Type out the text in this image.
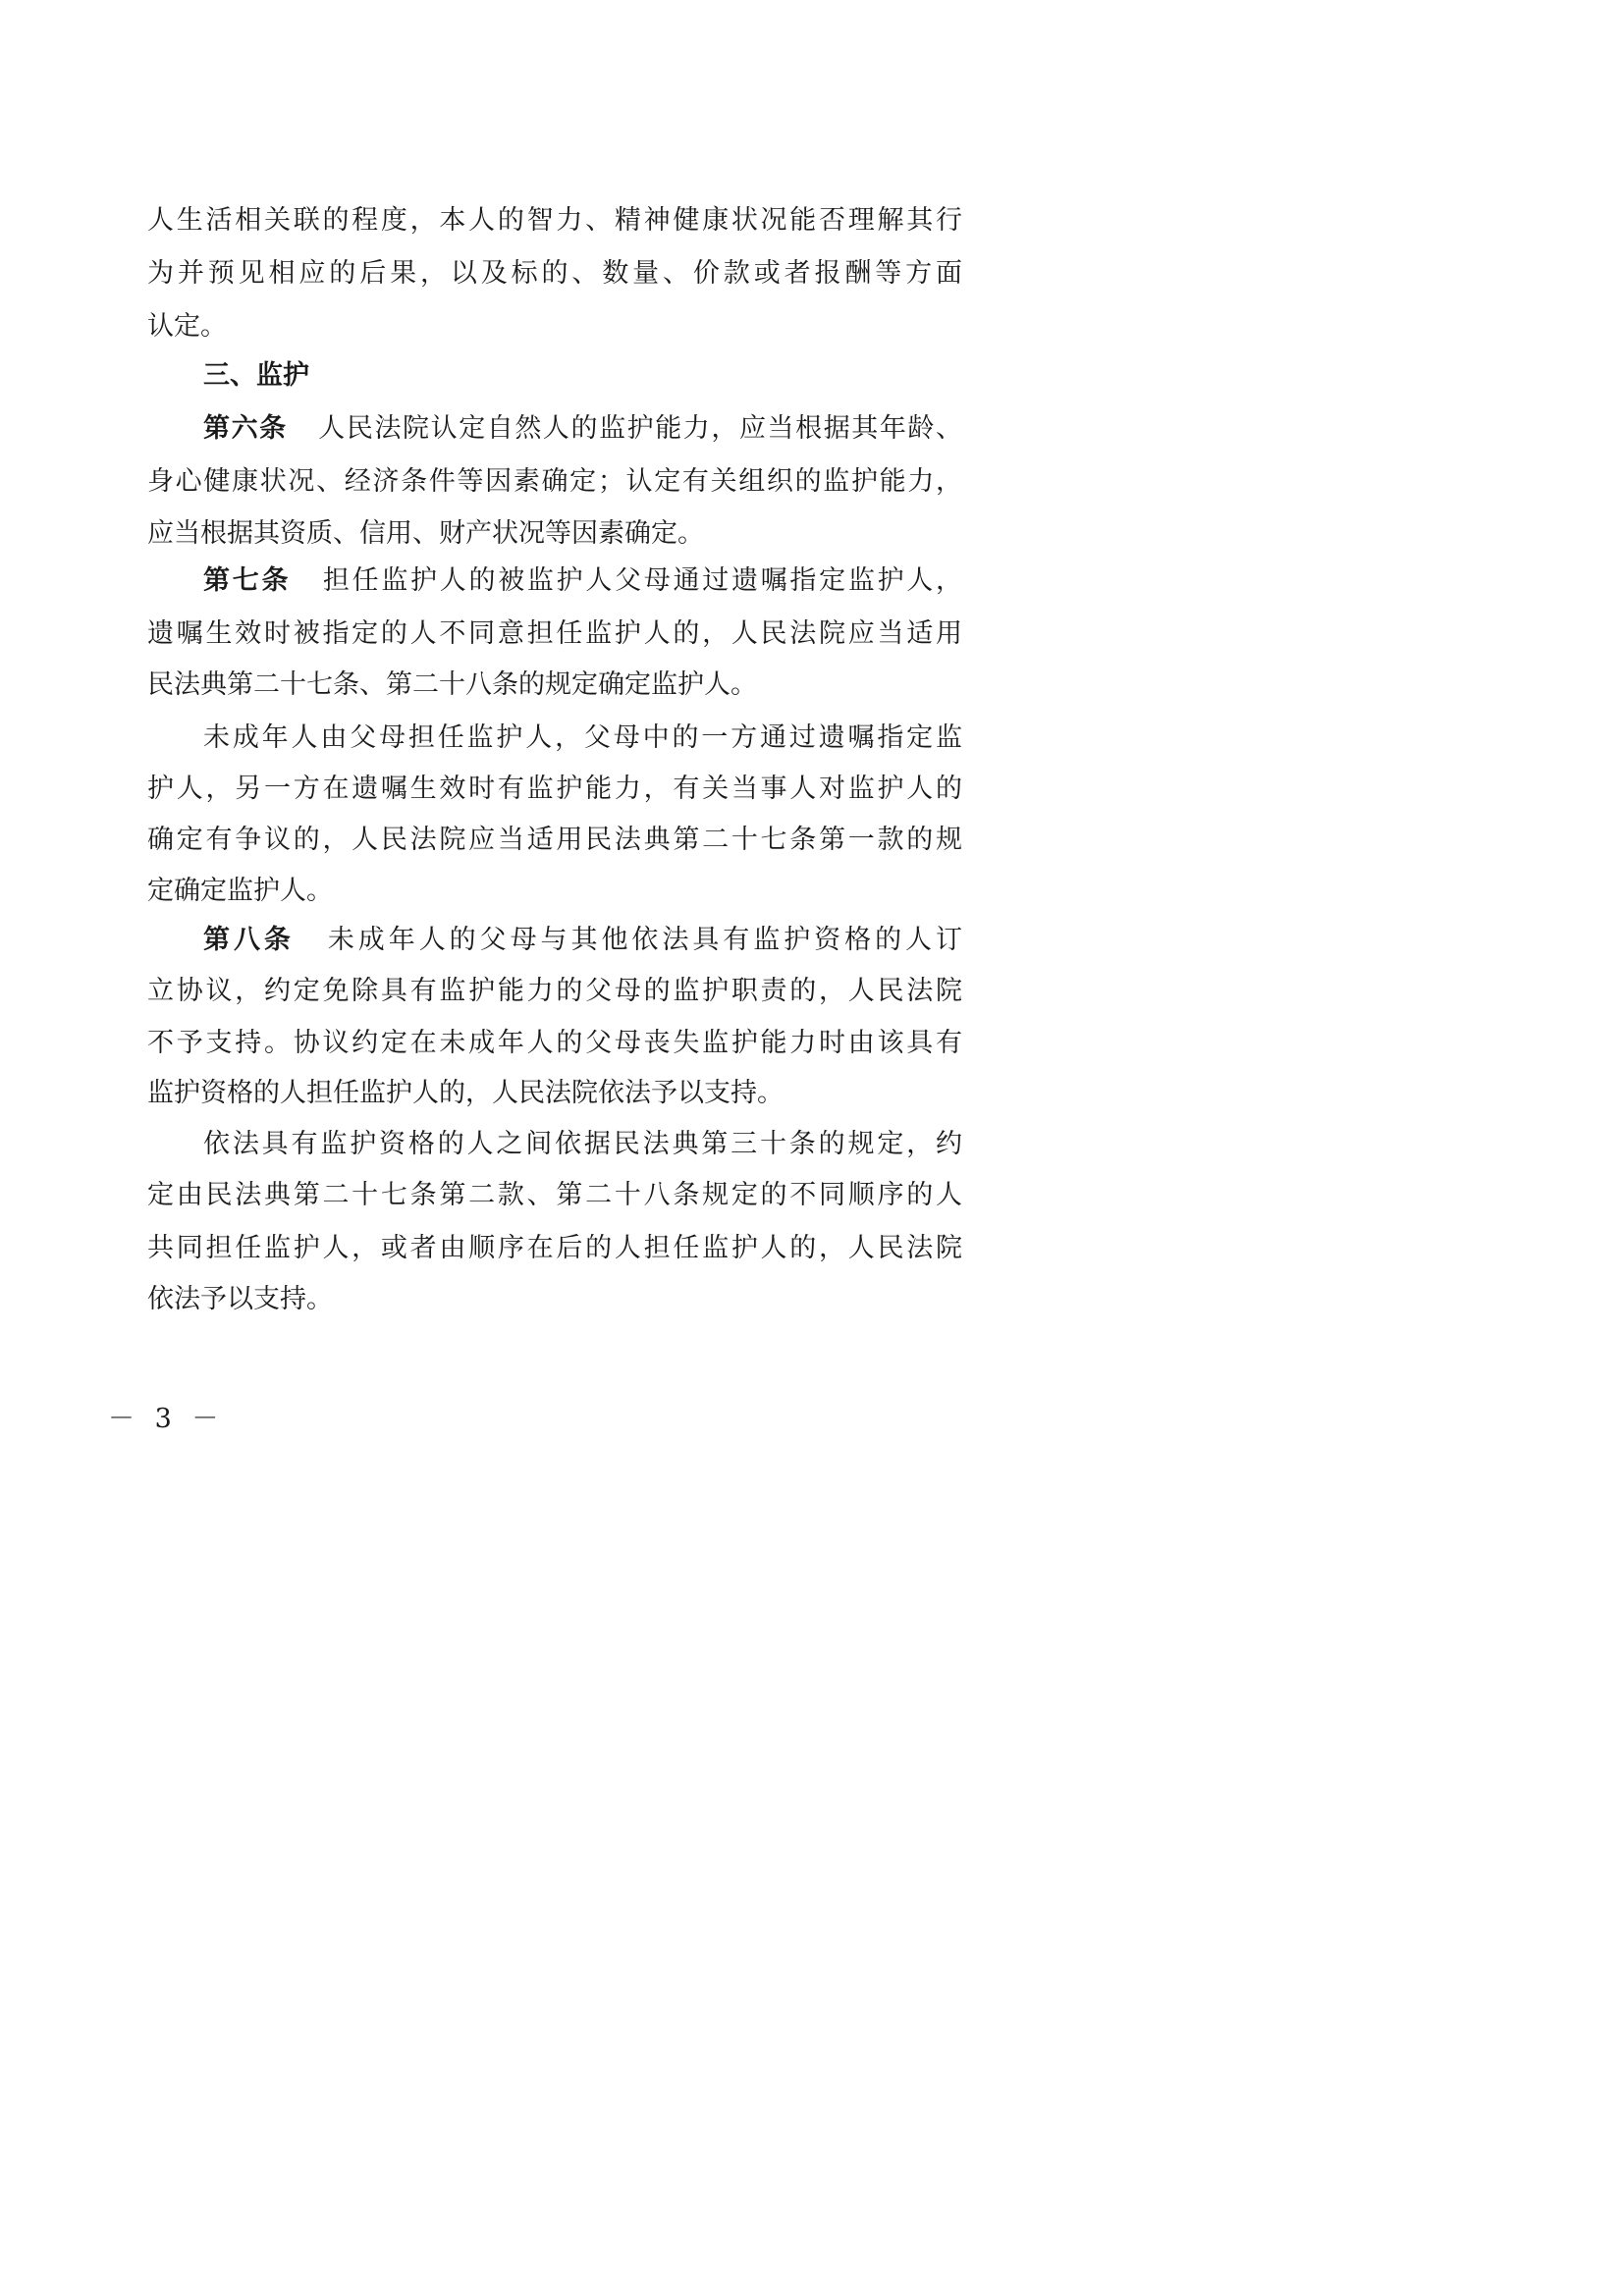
人生活相关联的程度，本人的智力、精神健康状况能否理解其行
为并预见相应的后果，以及标的、数量、价款或者报酬等方面
认定。
三、监护
第六条 人民法院认定自然人的监护能力，应当根据其年龄、
身心健康状况、经济条件等因素确定；认定有关组织的监护能力，
应当根据其资质、信用、财产状况等因素确定。
第七条 担任监护人的被监护人父母通过遗嘱指定监护人，
遗嘱生效时被指定的人不同意担任监护人的，人民法院应当适用
民法典第二十七条、第二十八条的规定确定监护人。
未成年人由父母担任监护人，父母中的一方通过遗嘱指定监
护人，另一方在遗嘱生效时有监护能力，有关当事人对监护人的
确定有争议的，人民法院应当适用民法典第二十七条第一款的规
定确定监护人。
第八条 未成年人的父母与其他依法具有监护资格的人订
立协议，约定免除具有监护能力的父母的监护职责的，人民法院
不予支持。协议约定在未成年人的父母丧失监护能力时由该具有
监护资格的人担任监护人的，人民法院依法予以支持。
依法具有监护资格的人之间依据民法典第三十条的规定，约
定由民法典第二十七条第二款、第二十八条规定的不同顺序的人
共同担任监护人，或者由顺序在后的人担任监护人的，人民法院
依法予以支持。
－ 3 －
